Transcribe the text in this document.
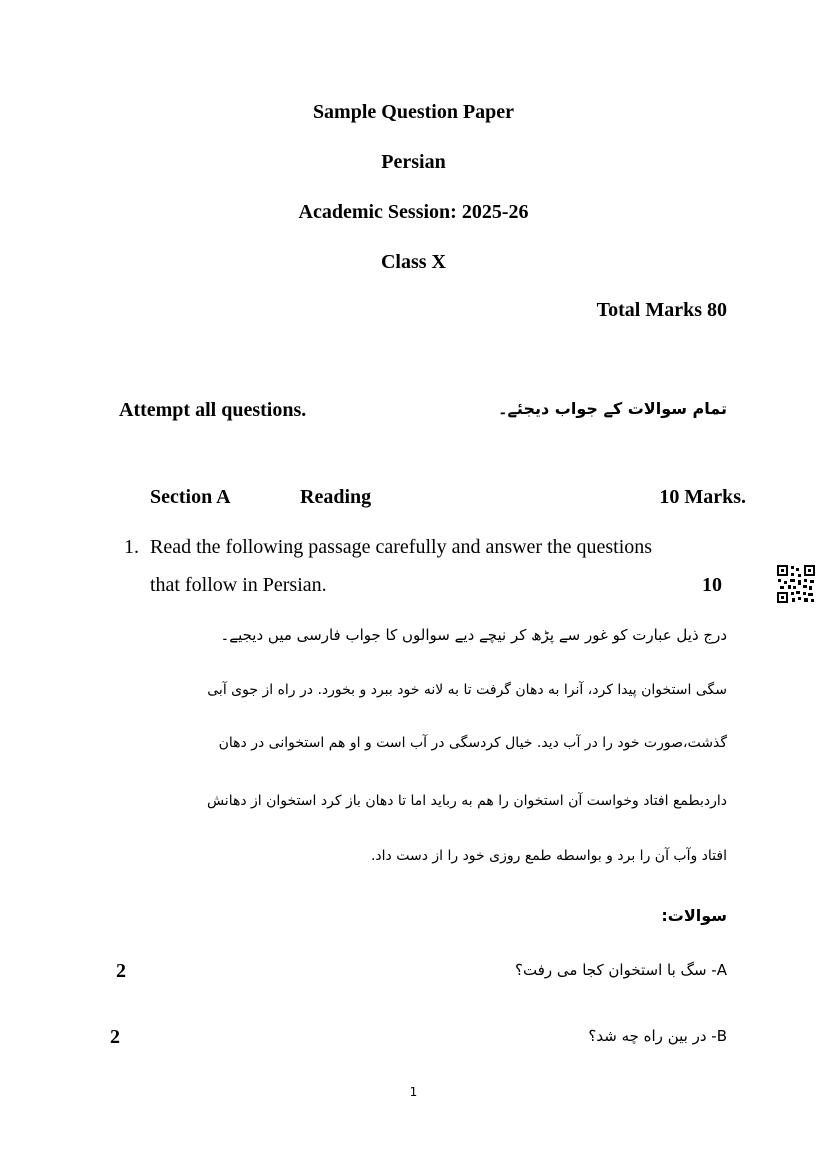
Sample Question Paper
Persian
Academic Session: 2025-26
Class X
Total Marks 80
Attempt all questions.	تمام سوالات کے جواب دیجئے۔
Section A	Reading	10 Marks.
1. Read the following passage carefully and answer the questions
that follow in Persian.	10
درج ذیل عبارت کو غور سے پڑھ کر نیچے دیے سوالوں کا جواب فارسی میں دیجیے۔
سگی استخوان پیدا کرد، آنرا به دهان گرفت تا به لانه خود ببرد و بخورد. در راه از جوی آبی
گذشت،صورت خود را در آب دید. خیال کردسگی در آب است و او هم استخوانی در دهان
داردبطمع افتاد وخواست آن استخوان را هم به رباید اما تا دهان باز کرد استخوان از دهانش
افتاد وآب آن را برد و بواسطه طمع روزی خود را از دست داد.
سوالات:
A- سگ با استخوان کجا می رفت؟
2
B- در بین راه چه شد؟
2
1
